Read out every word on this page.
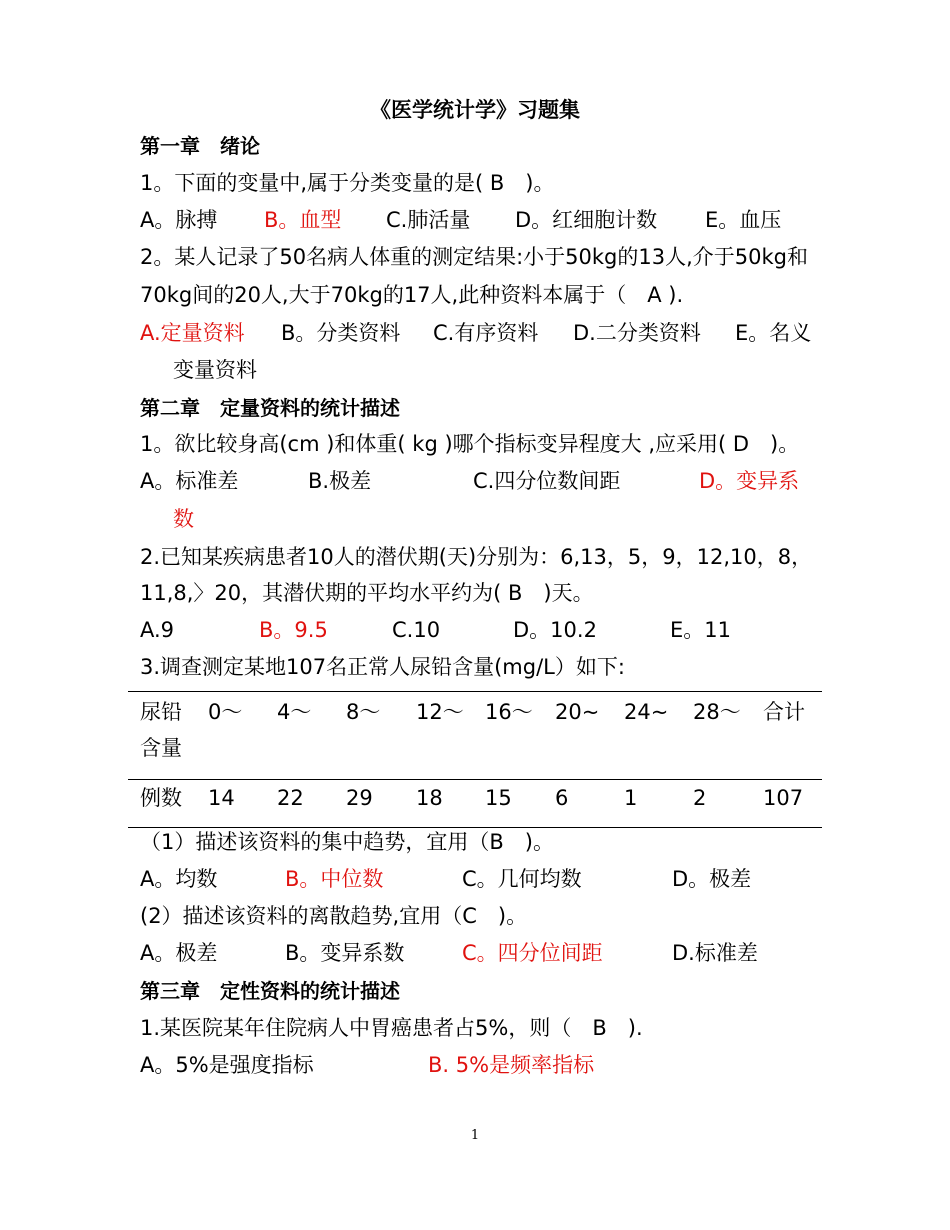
《医学统计学》习题集
第一章　绪论
1。下面的变量中,属于分类变量的是( B　)。
A。脉搏 B。血型 C.肺活量 D。红细胞计数 E。血压
2。某人记录了50名病人体重的测定结果:小于50kg的13人,介于50kg和
70kg间的20人,大于70kg的17人,此种资料本属于（　A ).
A.定量资料 B。分类资料 C.有序资料 D.二分类资料 E。名义
变量资料
第二章　定量资料的统计描述
1。欲比较身高(cm )和体重( kg )哪个指标变异程度大 ,应采用( D　)。
A。标准差	B.极差	C.四分位数间距	D。变异系
数
2.已知某疾病患者10人的潜伏期(天)分别为：6,13，5，9，12,10，8，
11,8,〉20，其潜伏期的平均水平约为( B　)天。
A.9	B。9.5	C.10	D。10.2	E。11
3.调查测定某地107名正常人尿铅含量(mg/L）如下:
尿铅
含量
0～ 4～ 8～ 12～ 16～ 20~ 24~ 28～ 合计
例数 14 22 29 18 15 6	1	2	107
（1）描述该资料的集中趋势，宜用（B　)。
A。均数	B。中位数	C。几何均数	D。极差
(2）描述该资料的离散趋势,宜用（C　)。
A。极差	B。变异系数	C。四分位间距	D.标准差
第三章　定性资料的统计描述
1.某医院某年住院病人中胃癌患者占5%，则（　B　).
A。5%是强度指标	B. 5%是频率指标
1
